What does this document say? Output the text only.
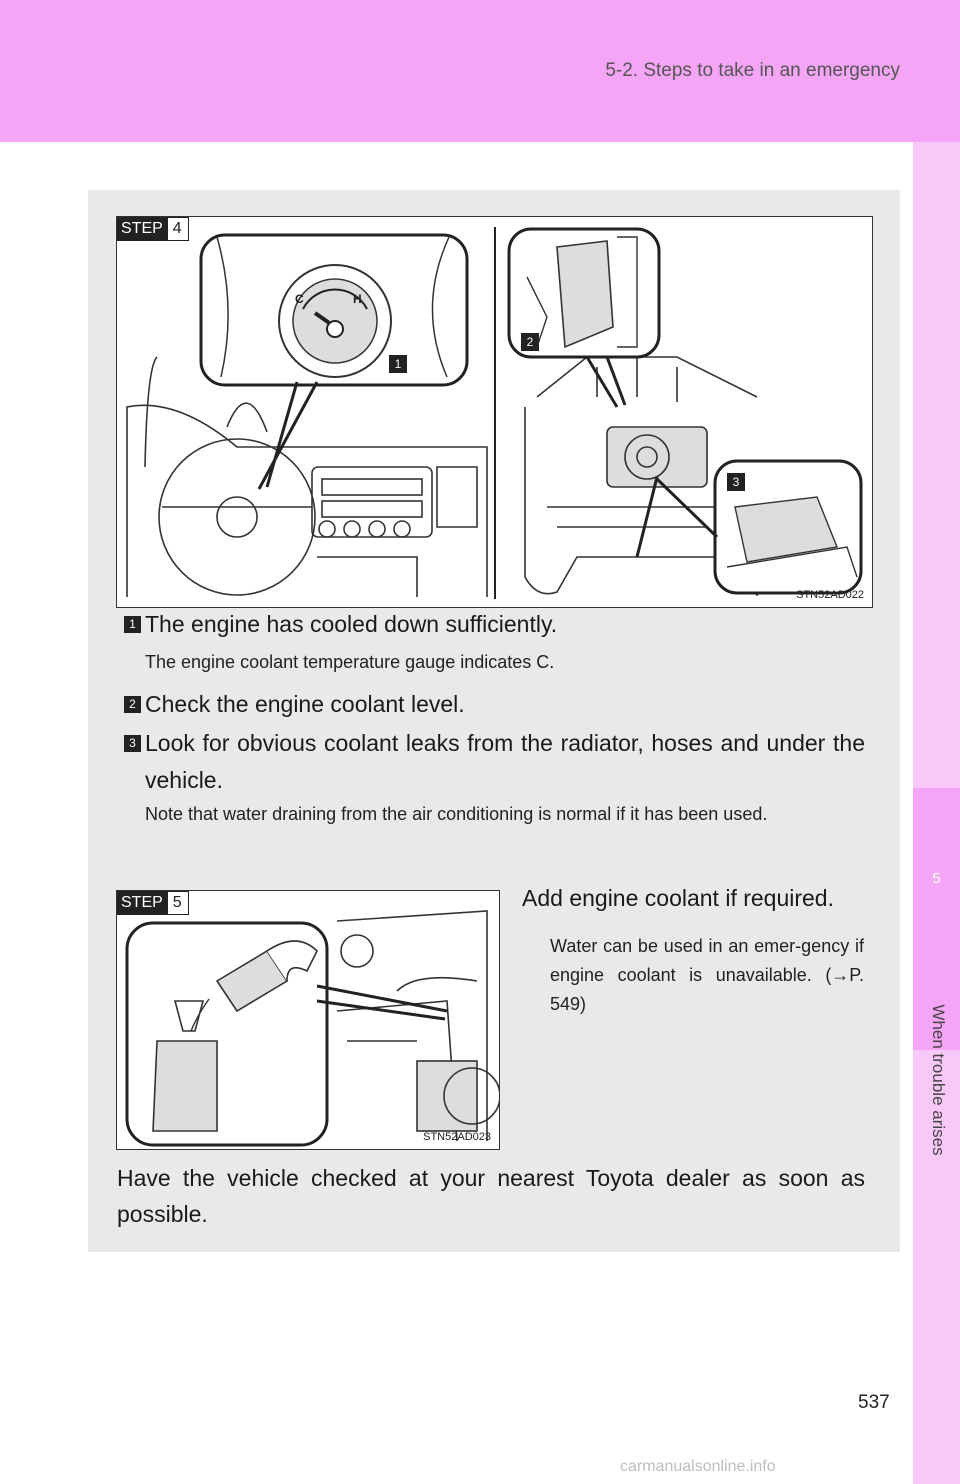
5-2. Steps to take in an emergency
5
When trouble arises
STEP 4
C	H
1
2
3
STN52AD022
1 The engine has cooled down sufficiently.
The engine coolant temperature gauge indicates C.
2 Check the engine coolant level.
3 Look for obvious coolant leaks from the radiator, hoses and under the vehicle.
Note that water draining from the air conditioning is normal if it has been used.
STEP 5
STN52AD023
Add engine coolant if required.
Water can be used in an emer-gency if engine coolant is unavailable. (→P. 549)
Have the vehicle checked at your nearest Toyota dealer as soon as possible.
537
carmanualsonline.info
